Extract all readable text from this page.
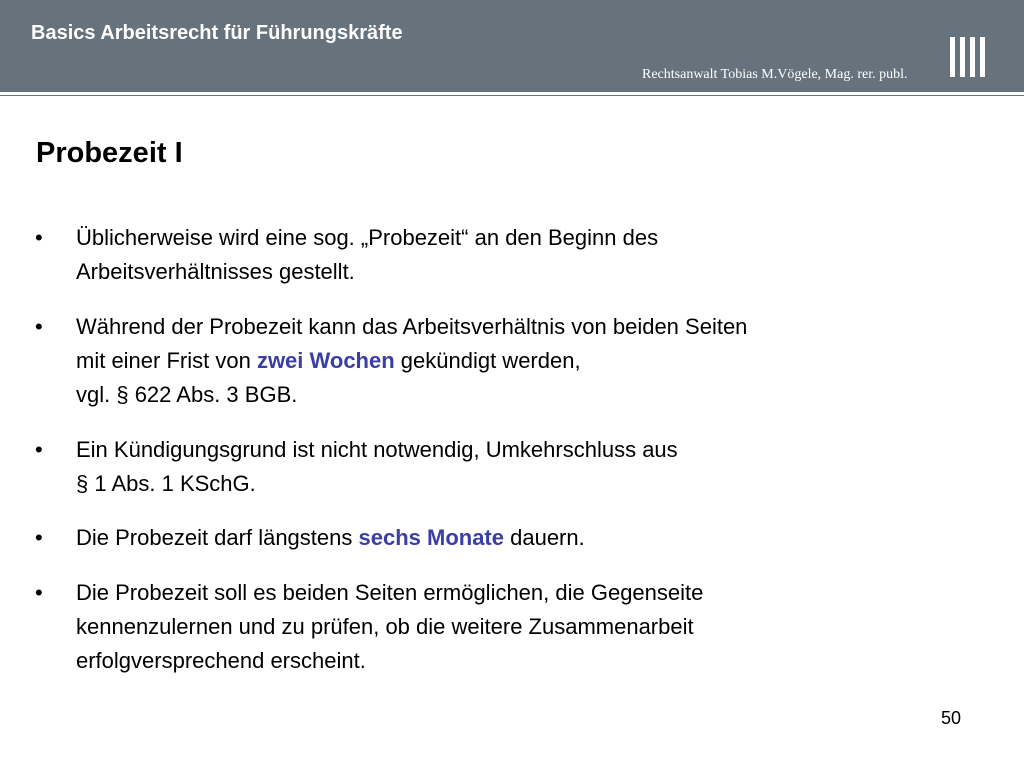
Basics Arbeitsrecht für Führungskräfte
Rechtsanwalt Tobias M.Vögele, Mag. rer. publ.
Probezeit I
• Üblicherweise wird eine sog. „Probezeit“ an den Beginn des
Arbeitsverhältnisses gestellt.
• Während der Probezeit kann das Arbeitsverhältnis von beiden Seiten
mit einer Frist von zwei Wochen gekündigt werden,
vgl. § 622 Abs. 3 BGB.
• Ein Kündigungsgrund ist nicht notwendig, Umkehrschluss aus
§ 1 Abs. 1 KSchG.
• Die Probezeit darf längstens sechs Monate dauern.
• Die Probezeit soll es beiden Seiten ermöglichen, die Gegenseite
kennenzulernen und zu prüfen, ob die weitere Zusammenarbeit
erfolgversprechend erscheint.
50
